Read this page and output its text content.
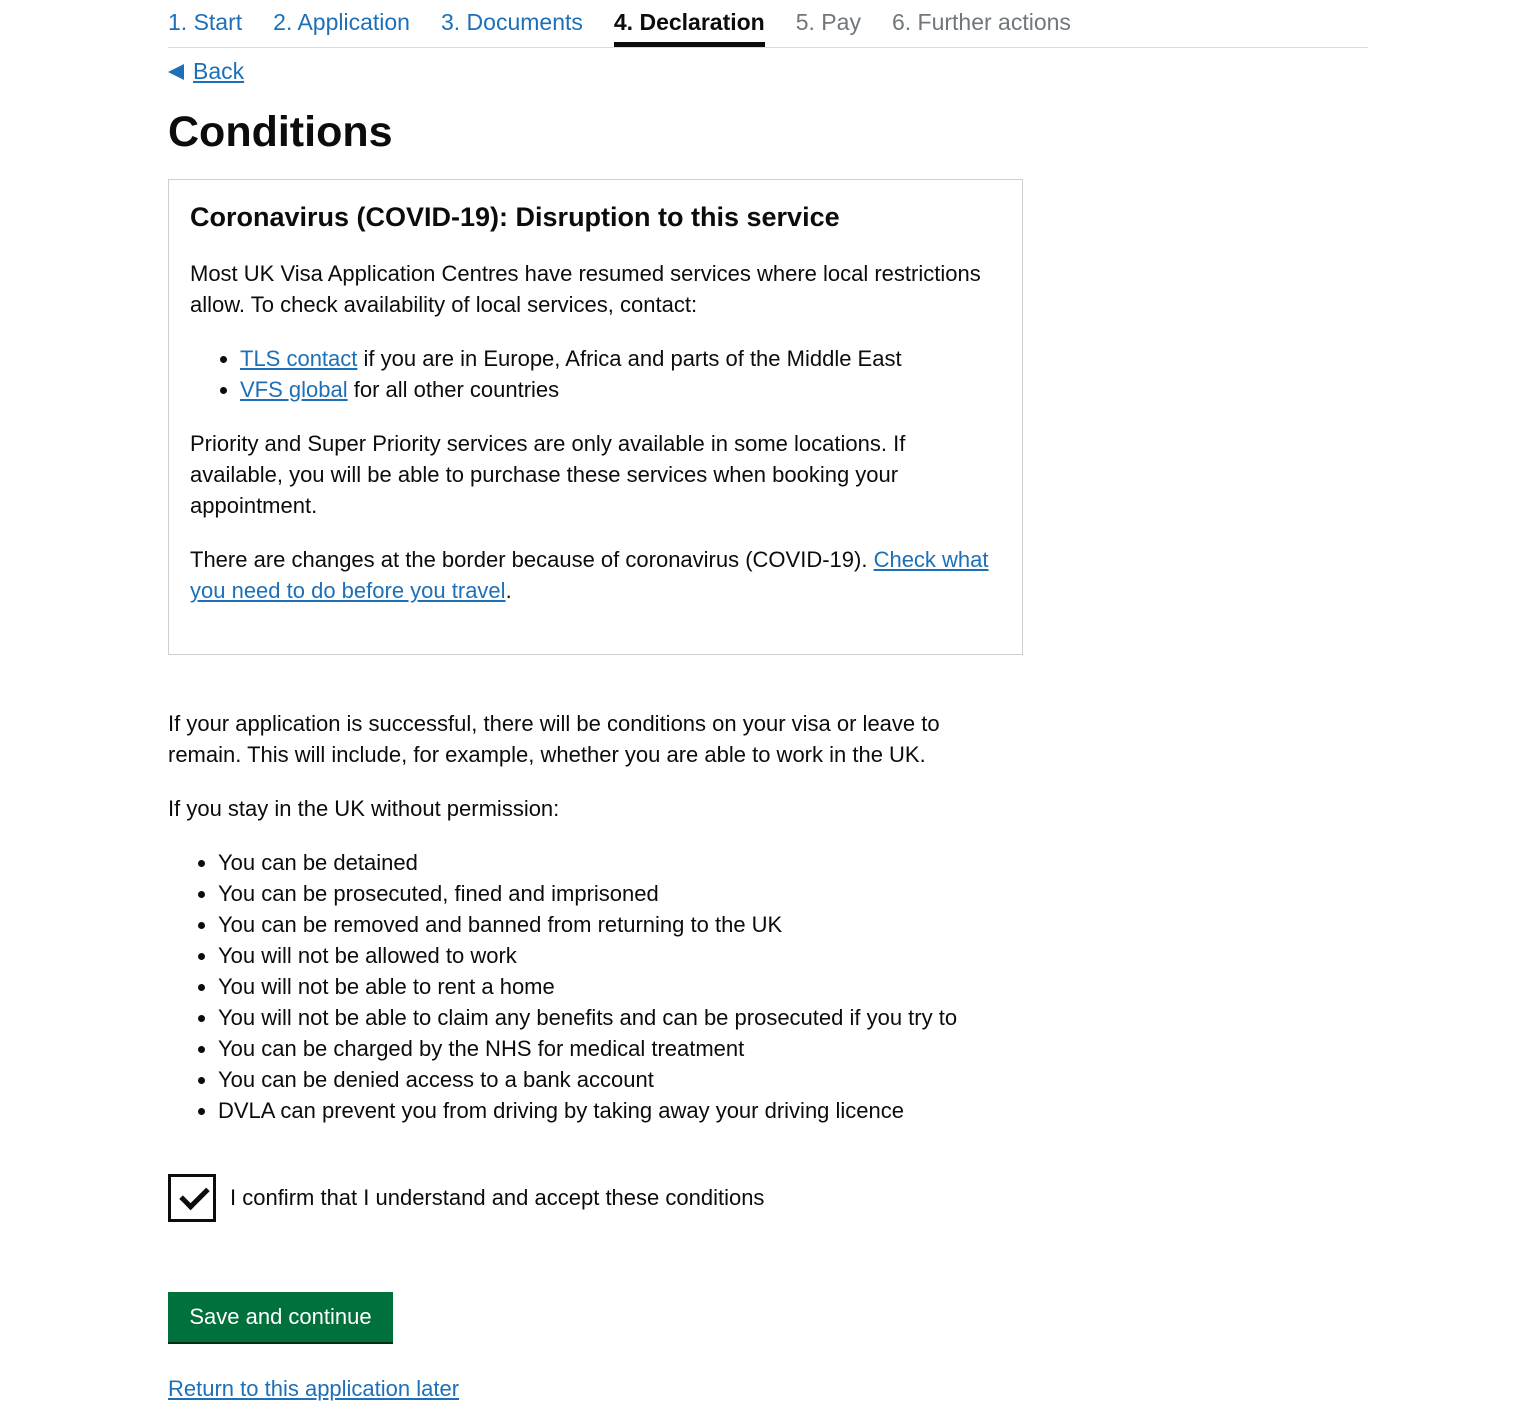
1. Start 2. Application 3. Documents 4. Declaration 5. Pay 6. Further actions
Back
Conditions
Coronavirus (COVID-19): Disruption to this service

Most UK Visa Application Centres have resumed services where local restrictions allow. To check availability of local services, contact:

• TLS contact if you are in Europe, Africa and parts of the Middle East
• VFS global for all other countries

Priority and Super Priority services are only available in some locations. If available, you will be able to purchase these services when booking your appointment.

There are changes at the border because of coronavirus (COVID-19). Check what you need to do before you travel.

If your application is successful, there will be conditions on your visa or leave to remain. This will include, for example, whether you are able to work in the UK.

If you stay in the UK without permission:

• You can be detained
• You can be prosecuted, fined and imprisoned
• You can be removed and banned from returning to the UK
• You will not be allowed to work
• You will not be able to rent a home
• You will not be able to claim any benefits and can be prosecuted if you try to
• You can be charged by the NHS for medical treatment
• You can be denied access to a bank account
• DVLA can prevent you from driving by taking away your driving licence
I confirm that I understand and accept these conditions
Save and continue
Return to this application later
